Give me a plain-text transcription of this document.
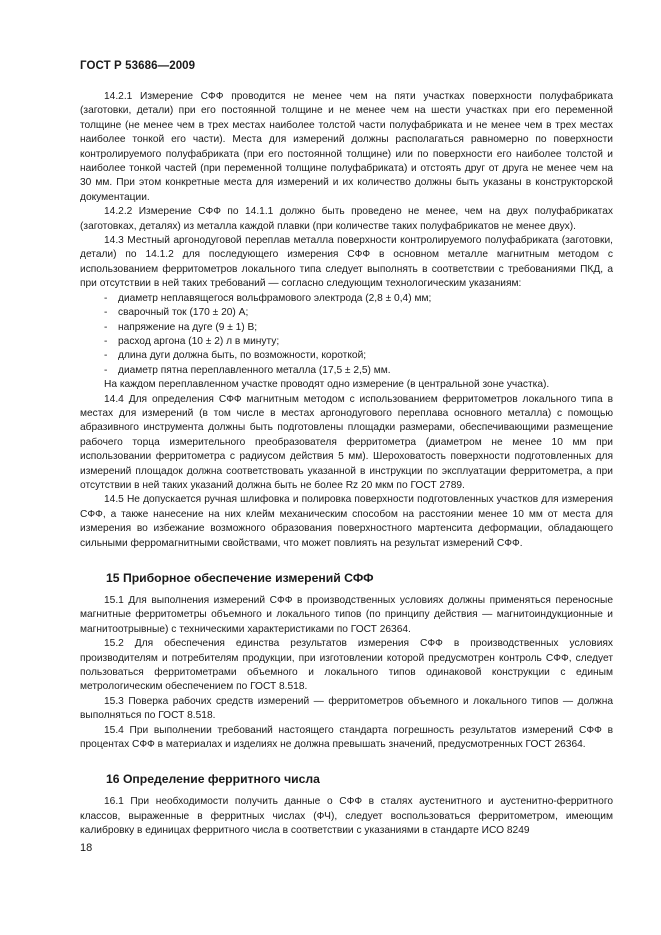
ГОСТ Р 53686—2009

14.2.1 Измерение СФФ проводится не менее чем на пяти участках поверхности полуфабриката (заготовки, детали) при его постоянной толщине и не менее чем на шести участках при его переменной толщине (не менее чем в трех местах наиболее толстой части полуфабриката и не менее чем в трех местах наиболее тонкой его части). Места для измерений должны располагаться равномерно по поверхности контролируемого полуфабриката (при его постоянной толщине) или по поверхности его наиболее толстой и наиболее тонкой частей (при переменной толщине полуфабриката) и отстоять друг от друга не менее чем на 30 мм. При этом конкретные места для измерений и их количество должны быть указаны в конструкторской документации.

14.2.2 Измерение СФФ по 14.1.1 должно быть проведено не менее, чем на двух полуфабрикатах (заготовках, деталях) из металла каждой плавки (при количестве таких полуфабрикатов не менее двух).

14.3 Местный аргонодуговой переплав металла поверхности контролируемого полуфабриката (заготовки, детали) по 14.1.2 для последующего измерения СФФ в основном металле магнитным методом с использованием ферритометров локального типа следует выполнять в соответствии с требованиями ПКД, а при отсутствии в ней таких требований — согласно следующим технологическим указаниям:

- диаметр неплавящегося вольфрамового электрода (2,8 ± 0,4) мм;
- сварочный ток (170 ± 20) А;
- напряжение на дуге (9 ± 1) В;
- расход аргона (10 ± 2) л в минуту;
- длина дуги должна быть, по возможности, короткой;
- диаметр пятна переплавленного металла (17,5 ± 2,5) мм.

На каждом переплавленном участке проводят одно измерение (в центральной зоне участка).

14.4 Для определения СФФ магнитным методом с использованием ферритометров локального типа в местах для измерений (в том числе в местах аргонодугового переплава основного металла) с помощью абразивного инструмента должны быть подготовлены площадки размерами, обеспечивающими размещение рабочего торца измерительного преобразователя ферритометра (диаметром не менее 10 мм при использовании ферритометра с радиусом действия 5 мм). Шероховатость поверхности подготовленных для измерений площадок должна соответствовать указанной в инструкции по эксплуатации ферритометра, а при отсутствии в ней таких указаний должна быть не более Rz 20 мкм по ГОСТ 2789.

14.5 Не допускается ручная шлифовка и полировка поверхности подготовленных участков для измерения СФФ, а также нанесение на них клейм механическим способом на расстоянии менее 10 мм от места для измерения во избежание возможного образования поверхностного мартенсита деформации, обладающего сильными ферромагнитными свойствами, что может повлиять на результат измерений СФФ.

15 Приборное обеспечение измерений СФФ

15.1 Для выполнения измерений СФФ в производственных условиях должны применяться переносные магнитные ферритометры объемного и локального типов (по принципу действия — магнитоиндукционные и магнитоотрывные) с техническими характеристиками по ГОСТ 26364.

15.2 Для обеспечения единства результатов измерения СФФ в производственных условиях производителям и потребителям продукции, при изготовлении которой предусмотрен контроль СФФ, следует пользоваться ферритометрами объемного и локального типов одинаковой конструкции с единым метрологическим обеспечением по ГОСТ 8.518.

15.3 Поверка рабочих средств измерений — ферритометров объемного и локального типов — должна выполняться по ГОСТ 8.518.

15.4 При выполнении требований настоящего стандарта погрешность результатов измерений СФФ в процентах СФФ в материалах и изделиях не должна превышать значений, предусмотренных ГОСТ 26364.

16 Определение ферритного числа

16.1 При необходимости получить данные о СФФ в сталях аустенитного и аустенитно-ферритного классов, выраженные в ферритных числах (ФЧ), следует воспользоваться ферритометром, имеющим калибровку в единицах ферритного числа в соответствии с указаниями в стандарте ИСО 8249

18
